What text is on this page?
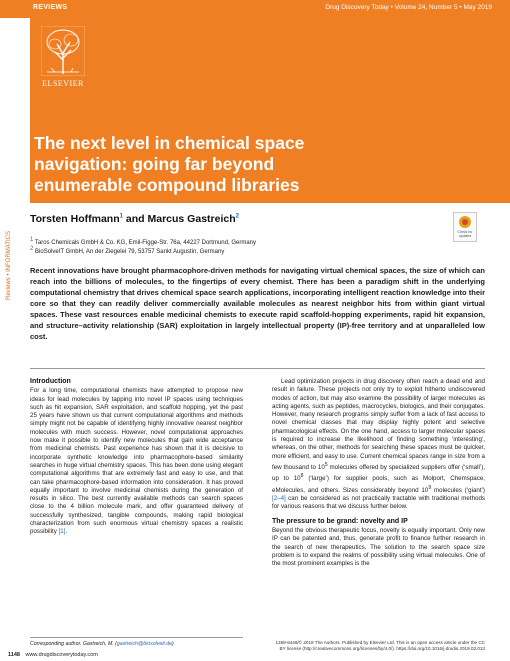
REVIEWS	Drug Discovery Today • Volume 24, Number 5 • May 2019
ELSEVIER
The next level in chemical space
navigation: going far beyond
enumerable compound libraries
Reviews • INFORMATICS	Check for updates
Torsten Hoffmann$^1$ and Marcus Gastreich$^2$
$^1$ Taros Chemicals GmbH & Co. KG, Emil-Figge-Str. 76a, 44227 Dortmund, Germany
$^2$ BioSolveIT GmbH, An der Ziegelei 79, 53757 Sankt Augustin, Germany

Recent innovations have brought pharmacophore-driven methods for navigating virtual chemical spaces, the size of which can reach into the billions of molecules, to the fingertips of every chemist. There has been a paradigm shift in the underlying computational chemistry that drives chemical space search applications, incorporating intelligent reaction knowledge into their core so that they can readily deliver commercially available molecules as nearest neighbor hits from within giant virtual spaces. These vast resources enable medicinal chemists to execute rapid scaffold-hopping experiments, rapid hit expansion, and structure–activity relationship (SAR) exploitation in largely intellectual property (IP)-free territory and at unparalleled low cost.

Introduction

For a long time, computational chemists have attempted to propose new ideas for lead molecules by tapping into novel IP spaces using techniques such as hit expansion, SAR exploitation, and scaffold hopping, yet the past 25 years have shown us that current computational algorithms and methods simply might not be capable of identifying highly innovative nearest neighbor molecules with much success. However, novel computational approaches now make it possible to identify new molecules that gain wide acceptance from medicinal chemists. Past experience has shown that it is decisive to incorporate synthetic knowledge into pharmacophore-based similarity searches in huge virtual chemistry spaces. This has been done using elegant computational algorithms that are extremely fast and easy to use, and that can take pharmacophore-based information into consideration. It has proved equally important to involve medicinal chemists during the generation of results in silico. The best currently available methods can search spaces close to the 4 billion molecule mark, and offer guaranteed delivery of successfully synthesized, tangible compounds, making rapid biological characterization from such enormous virtual chemistry spaces a realistic possibility [1].

Lead optimization projects in drug discovery often reach a dead end and result in failure. These projects not only try to exploit hitherto undiscovered modes of action, but may also examine the possibility of larger molecules as acting agents, such as peptides, macrocycles, biologics, and their conjugates. However, many research programs simply suffer from a lack of fast access to novel chemical classes that may display highly potent and selective pharmacological effects. On the one hand, access to larger molecular spaces is required to increase the likelihood of finding something ‘interesting’, whereas, on the other, methods for searching these spaces must be quicker, more efficient, and easy to use. Current chemical spaces range in size from a few thousand to $10^5$ molecules offered by specialized suppliers offer (‘small’), up to $10^8$ (‘large’) for supplier pools, such as Molport, Chemspace, eMolecules, and others. Sizes considerably beyond $10^9$ molecules (‘giant’) [2–4] can be considered as not practically tractable with traditional methods for various reasons that we discuss further below.

The pressure to be grand: novelty and IP

Beyond the obvious therapeutic focus, novelty is equally important. Only new IP can be patented and, thus, generate profit to finance further research in the search of new therapeutics. The solution to the search space size problem is to expand the realms of possibility using virtual molecules. One of the most prominent examples is the

Corresponding author. Gastreich, M. (gastreich@biosolveit.de)
1148 www.drugdiscoverytoday.com
1359-6446/© 2019 The Authors. Published by Elsevier Ltd. This is an open access article under the CC BY license (http://creativecommons.org/licenses/by/4.0/). https://doi.org/10.1016/j.drudis.2019.02.013
